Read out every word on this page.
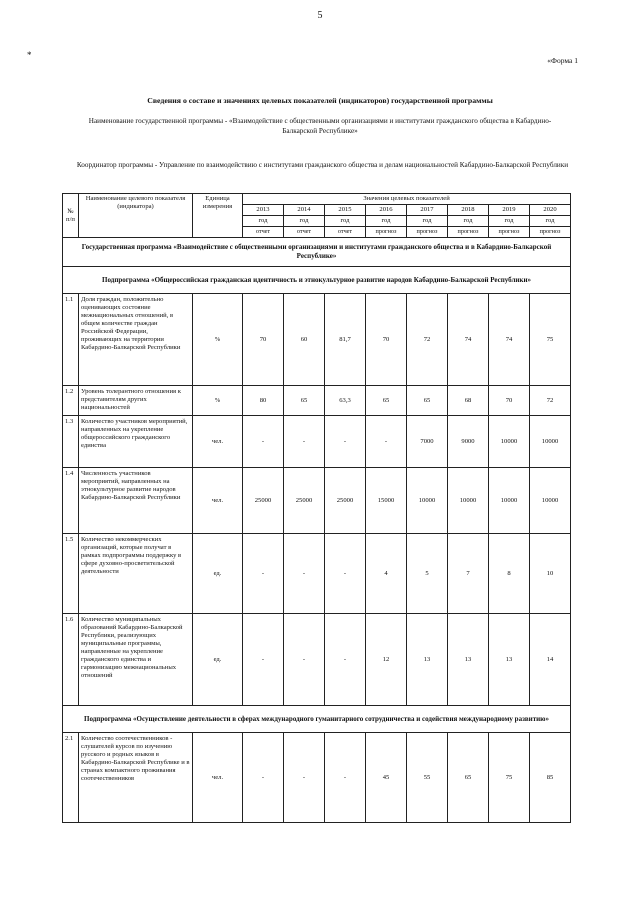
5
*
«Форма 1
Сведения о составе и значениях целевых показателей (индикаторов) государственной программы
Наименование государственной программы - «Взаимодействие с общественными организациями и институтами гражданского общества в Кабардино-Балкарской Республике»
Координатор программы - Управление по взаимодействию с институтами гражданского общества и делам национальностей Кабардино-Балкарской Республики
№ п/п	Наименование целевого показателя (индикатора)	Единица измерения	Значения целевых показателей							
			2013	2014	2015	2016	2017	2018	2019	2020
			год	год	год	год	год	год	год	год
			отчет	отчет	отчет	прогноз	прогноз	прогноз	прогноз	прогноз
Государственная программа «Взаимодействие с общественными организациями и институтами гражданского общества и в Кабардино-Балкарской Республике»										
Подпрограмма «Общероссийская гражданская идентичность и этнокультурное развитие народов Кабардино-Балкарской Республики»										
1.1	Доля граждан, положительно оценивающих состояние межнациональных отношений, в общем количестве граждан Российской Федерации, проживающих на территории Кабардино-Балкарской Республики	%	70	60	81,7	70	72	74	74	75
1.2	Уровень толерантного отношения к представителям других национальностей	%	80	65	63,3	65	65	68	70	72
1.3	Количество участников мероприятий, направленных на укрепление общероссийского гражданского единства	чел.	-	-	-	-	7000	9000	10000	10000
1.4	Численность участников мероприятий, направленных на этнокультурное развитие народов Кабардино-Балкарской Республики	чел.	25000	25000	25000	15000	10000	10000	10000	10000
1.5	Количество некоммерческих организаций, которые получат в рамках подпрограммы поддержку в сфере духовно-просветительской деятельности	ед.	-	-	-	4	5	7	8	10
1.6	Количество муниципальных образований Кабардино-Балкарской Республики, реализующих муниципальные программы, направленные на укрепление гражданского единства и гармонизацию межнациональных отношений	ед.	-	-	-	12	13	13	13	14
Подпрограмма «Осуществление деятельности в сферах международного гуманитарного сотрудничества и содействия международному развитию»										
2.1	Количество соотечественников - слушателей курсов по изучению русского и родных языков в Кабардино-Балкарской Республике и в странах компактного проживания соотечественников	чел.	-	-	-	45	55	65	75	85
